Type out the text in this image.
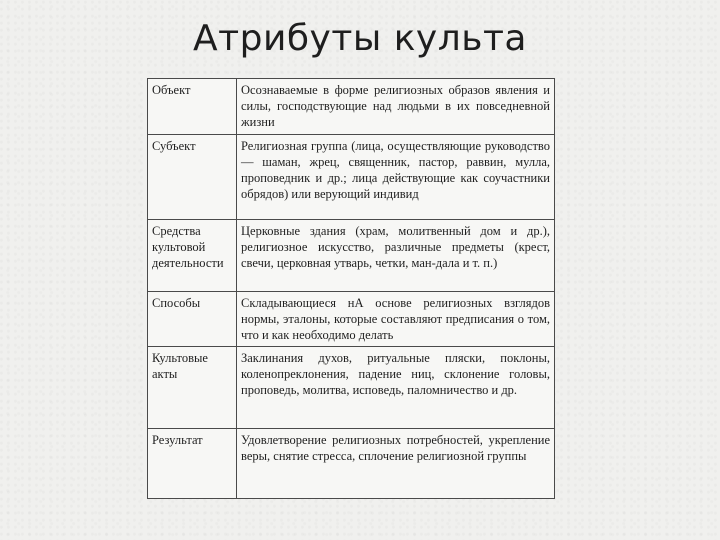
Атрибуты культа
Объект	Осознаваемые в форме религиозных образов явления и силы, господствующие над людьми в их повседневной жизни
Субъект	Религиозная группа (лица, осуществляющие руководство — шаман, жрец, священник, пастор, раввин, мулла, проповедник и др.; лица действующие как соучастники обрядов) или верующий индивид
Средства культовой деятельности	Церковные здания (храм, молитвенный дом и др.), религиозное искусство, различные предметы (крест, свечи, церковная утварь, четки, ман-дала и т. п.)
Способы	Складывающиеся нА основе религиозных взглядов нормы, эталоны, которые составляют предписания о том, что и как необходимо делать
Культовые акты	Заклинания духов, ритуальные пляски, поклоны, коленопреклонения, падение ниц, склонение головы, проповедь, молитва, исповедь, паломничество и др.
Результат	Удовлетворение религиозных потребностей, укрепление веры, снятие стресса, сплочение религиозной группы
